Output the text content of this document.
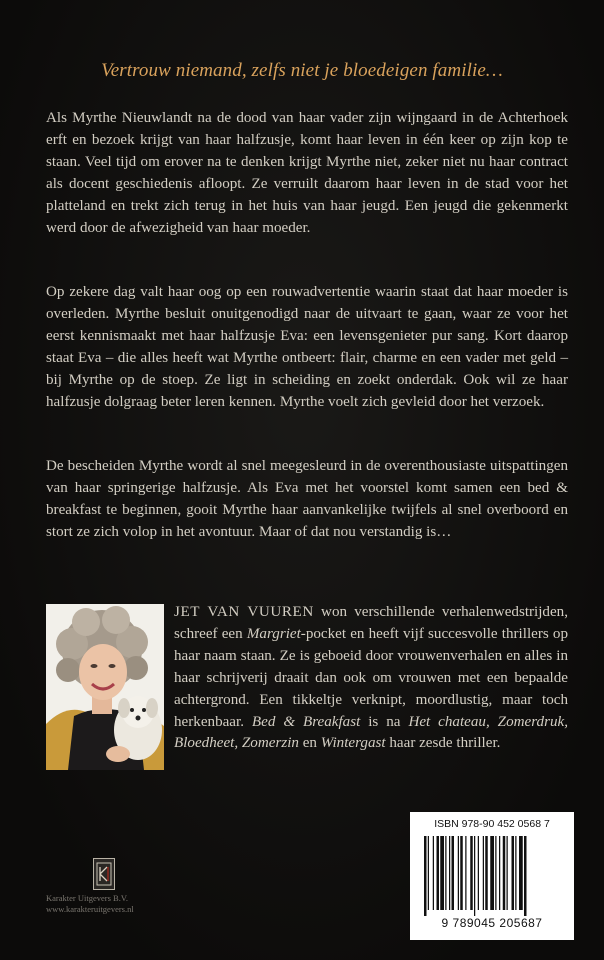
Vertrouw niemand, zelfs niet je bloedeigen familie…

Als Myrthe Nieuwlandt na de dood van haar vader zijn wijngaard in de Achterhoek erft en bezoek krijgt van haar halfzusje, komt haar leven in één keer op zijn kop te staan. Veel tijd om erover na te denken krijgt Myrthe niet, zeker niet nu haar contract als docent geschiedenis afloopt. Ze verruilt daarom haar leven in de stad voor het platteland en trekt zich terug in het huis van haar jeugd. Een jeugd die gekenmerkt werd door de afwezigheid van haar moeder.

Op zekere dag valt haar oog op een rouwadvertentie waarin staat dat haar moeder is overleden. Myrthe besluit onuitgenodigd naar de uitvaart te gaan, waar ze voor het eerst kennismaakt met haar halfzusje Eva: een levensgenieter pur sang. Kort daarop staat Eva – die alles heeft wat Myrthe ontbeert: flair, charme en een vader met geld – bij Myrthe op de stoep. Ze ligt in scheiding en zoekt onderdak. Ook wil ze haar halfzusje dolgraag beter leren kennen. Myrthe voelt zich gevleid door het verzoek.

De bescheiden Myrthe wordt al snel meegesleurd in de overenthousiaste uitspattingen van haar springerige halfzusje. Als Eva met het voorstel komt samen een bed & breakfast te beginnen, gooit Myrthe haar aanvankelijke twijfels al snel overboord en stort ze zich volop in het avontuur. Maar of dat nou verstandig is…

JET VAN VUUREN won verschillende verhalenwedstrijden, schreef een Margriet-pocket en heeft vijf succesvolle thrillers op haar naam staan. Ze is geboeid door vrouwenverhalen en alles in haar schrijverij draait dan ook om vrouwen met een bepaalde achtergrond. Een tikkeltje verknipt, moordlustig, maar toch herkenbaar. Bed & Breakfast is na Het chateau, Zomerdruk, Bloedheet, Zomerzin en Wintergast haar zesde thriller.

Karakter Uitgevers B.V.
www.karakteruitgevers.nl
ISBN 978-90 452 0568 7
9 789045 205687
